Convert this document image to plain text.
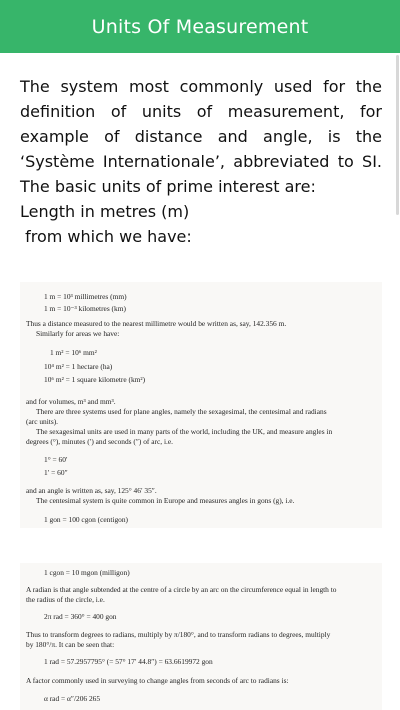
Units Of Measurement

The system most commonly used for the definition of units of measurement, for example of distance and angle, is the ‘Système Internationale’, abbreviated to SI. The basic units of prime interest are:

Length in metres (m)
from which we have:
1 m = 10³ millimetres (mm)
1 m = 10⁻³ kilometres (km)
Thus a distance measured to the nearest millimetre would be written as, say, 142.356 m.
Similarly for areas we have:
1 m² = 10⁶ mm²
10⁴ m² = 1 hectare (ha)
10⁶ m² = 1 square kilometre (km²)
and for volumes, m³ and mm³.
There are three systems used for plane angles, namely the sexagesimal, the centesimal and radians
(arc units).
The sexagesimal units are used in many parts of the world, including the UK, and measure angles in
degrees (°), minutes (′) and seconds (″) of arc, i.e.
1° = 60′
1′ = 60″
and an angle is written as, say, 125° 46′ 35″.
The centesimal system is quite common in Europe and measures angles in gons (g), i.e.
1 gon = 100 cgon (centigon)
1 cgon = 10 mgon (milligon)
A radian is that angle subtended at the centre of a circle by an arc on the circumference equal in length to
the radius of the circle, i.e.
2π rad = 360° = 400 gon
Thus to transform degrees to radians, multiply by π/180°, and to transform radians to degrees, multiply
by 180°/π. It can be seen that:
1 rad = 57.2957795° (= 57° 17′ 44.8″) = 63.6619972 gon
A factor commonly used in surveying to change angles from seconds of arc to radians is:
α rad = α″/206 265
